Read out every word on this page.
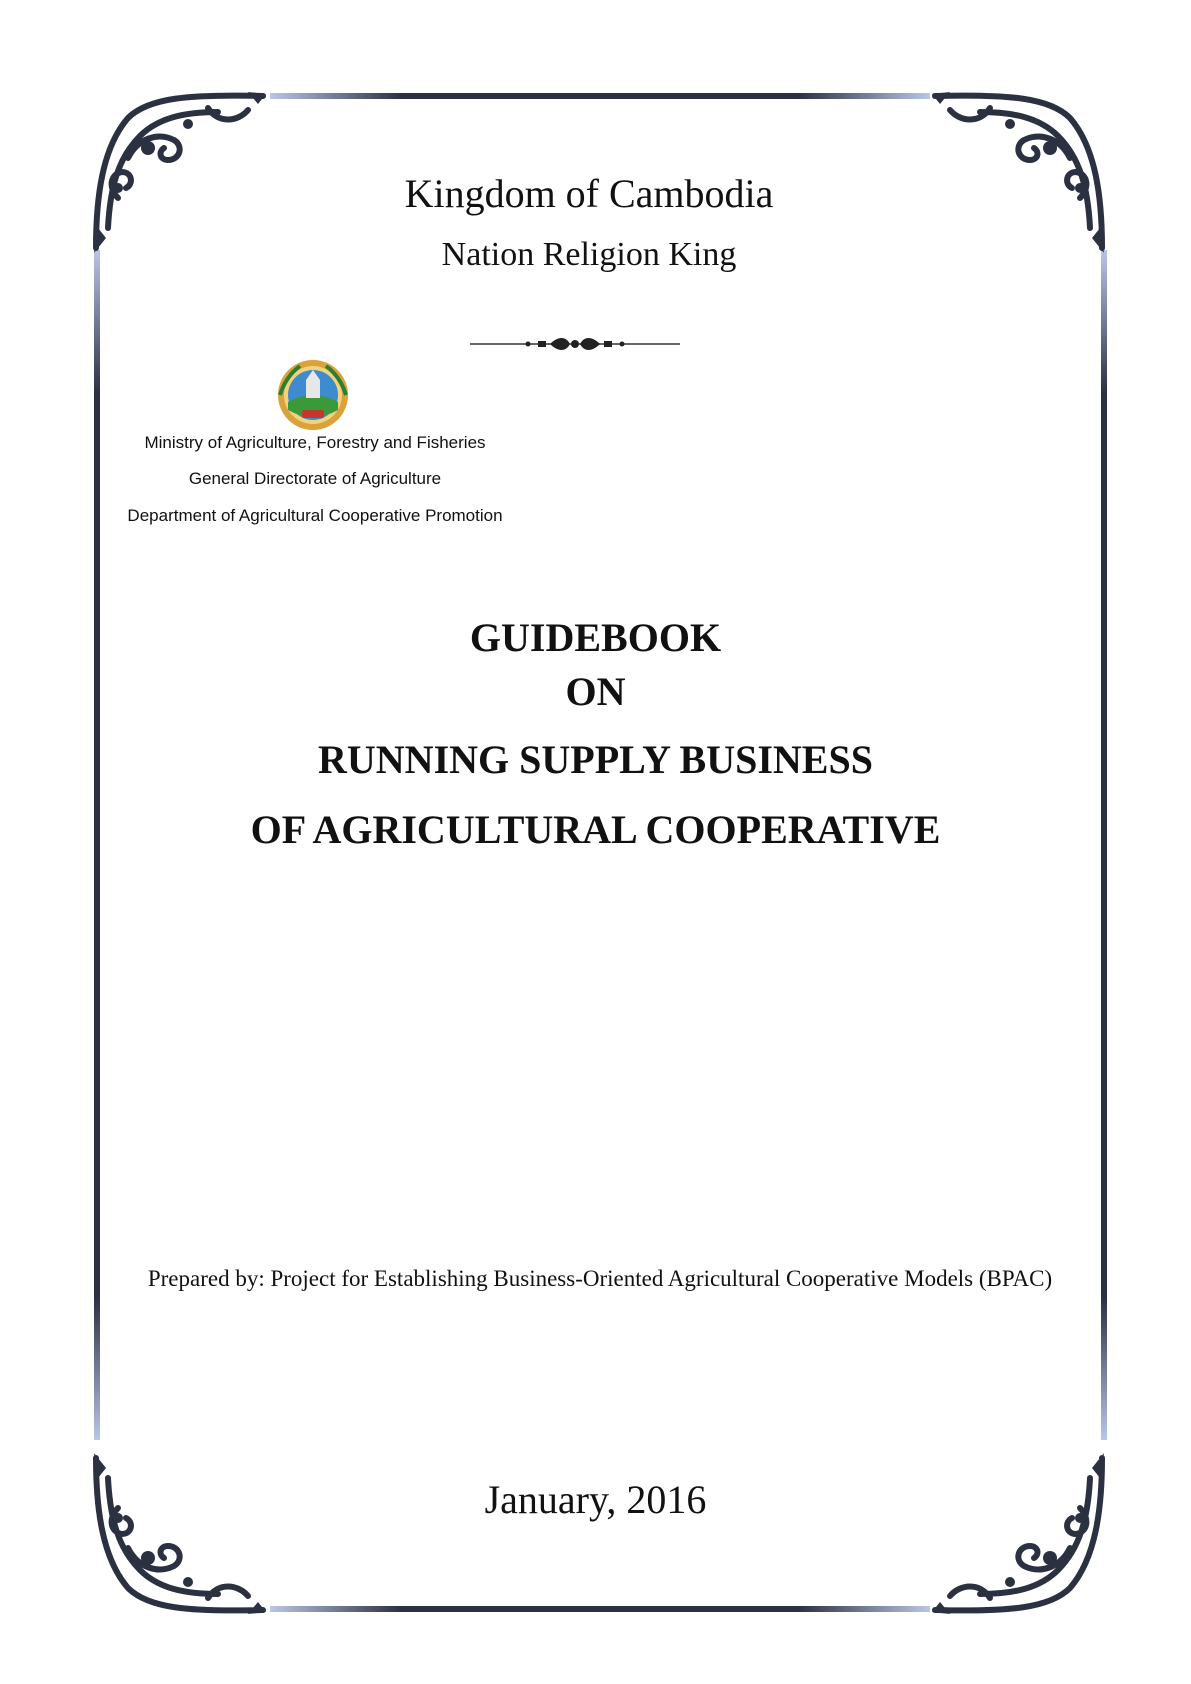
Kingdom of Cambodia
Nation Religion King
Ministry of Agriculture, Forestry and Fisheries
General Directorate of Agriculture
Department of Agricultural Cooperative Promotion
GUIDEBOOK
ON
RUNNING SUPPLY BUSINESS
OF AGRICULTURAL COOPERATIVE
Prepared by: Project for Establishing Business-Oriented Agricultural Cooperative Models (BPAC)
January, 2016
